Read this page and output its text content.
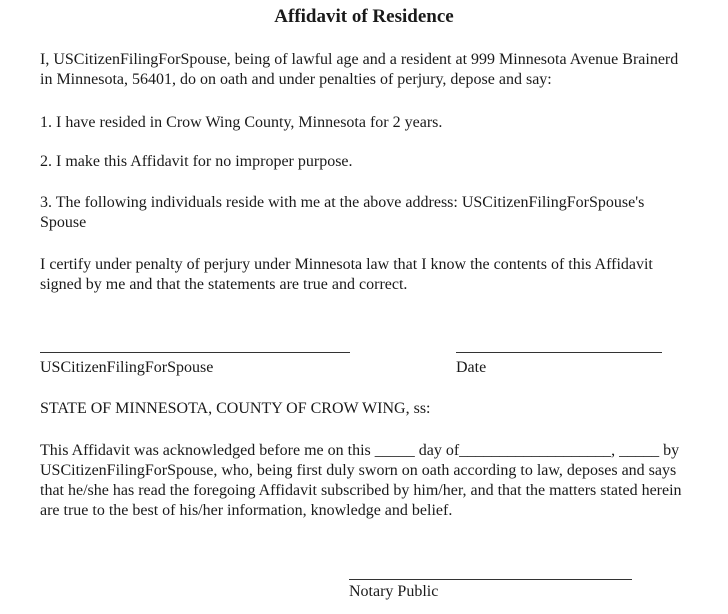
Affidavit of Residence

I, USCitizenFilingForSpouse, being of lawful age and a resident at 999 Minnesota Avenue Brainerd in Minnesota, 56401, do on oath and under penalties of perjury, depose and say:

1. I have resided in Crow Wing County, Minnesota for 2 years.

2. I make this Affidavit for no improper purpose.

3. The following individuals reside with me at the above address: USCitizenFilingForSpouse's Spouse

I certify under penalty of perjury under Minnesota law that I know the contents of this Affidavit signed by me and that the statements are true and correct.

USCitizenFilingForSpouse	Date

STATE OF MINNESOTA, COUNTY OF CROW WING, ss:

This Affidavit was acknowledged before me on this _____ day of___________________, _____ by USCitizenFilingForSpouse, who, being first duly sworn on oath according to law, deposes and says that he/she has read the foregoing Affidavit subscribed by him/her, and that the matters stated herein are true to the best of his/her information, knowledge and belief.

Notary Public
